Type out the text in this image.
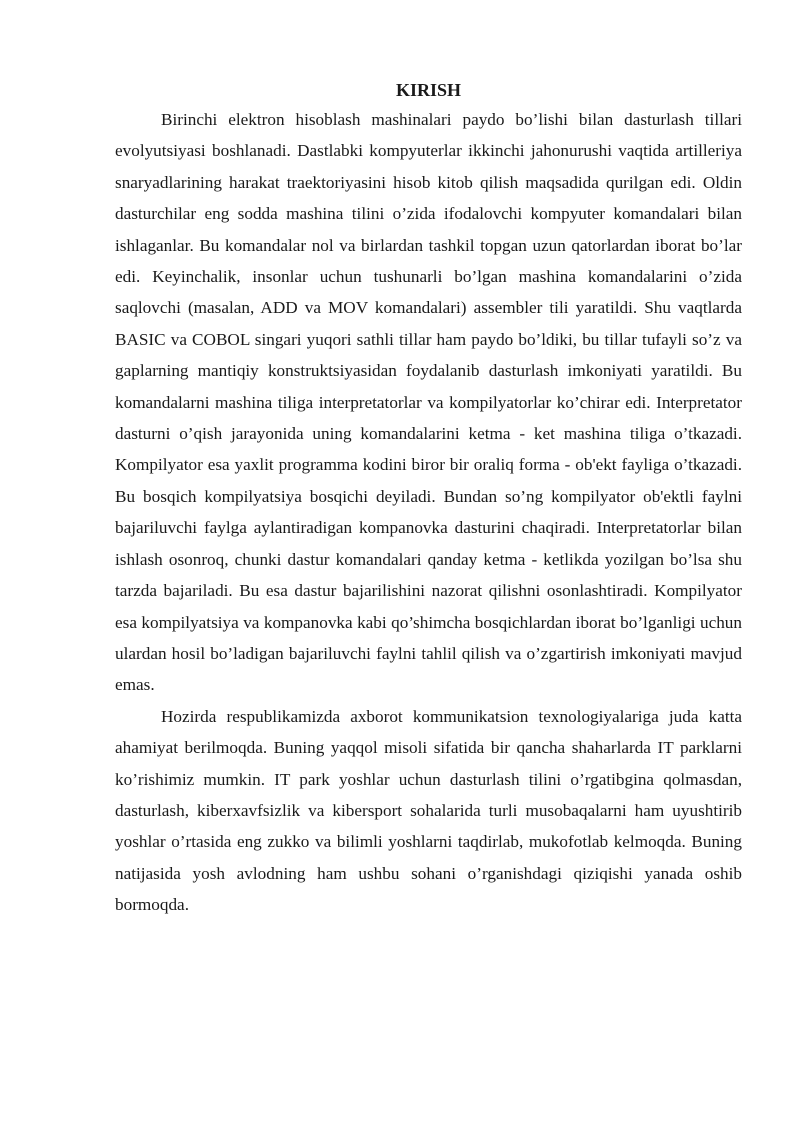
KIRISH

Birinchi elektron hisoblash mashinalari paydo bo’lishi bilan dasturlash tillari evolyutsiyasi boshlanadi. Dastlabki kompyuterlar ikkinchi jahonurushi vaqtida artilleriya snaryadlarining harakat traektoriyasini hisob kitob qilish maqsadida qurilgan edi. Oldin dasturchilar eng sodda mashina tilini o’zida ifodalovchi kompyuter komandalari bilan ishlaganlar. Bu komandalar nol va birlardan tashkil topgan uzun qatorlardan iborat bo’lar edi. Keyinchalik, insonlar uchun tushunarli bo’lgan mashina komandalarini o’zida saqlovchi (masalan, ADD va MOV komandalari) assembler tili yaratildi. Shu vaqtlarda BASIC va COBOL singari yuqori sathli tillar ham paydo bo’ldiki, bu tillar tufayli so’z va gaplarning mantiqiy konstruktsiyasidan foydalanib dasturlash imkoniyati yaratildi. Bu komandalarni mashina tiliga interpretatorlar va kompilyatorlar ko’chirar edi. Interpretator dasturni o’qish jarayonida uning komandalarini ketma - ket mashina tiliga o’tkazadi. Kompilyator esa yaxlit programma kodini biror bir oraliq forma - ob'ekt fayliga o’tkazadi. Bu bosqich kompilyatsiya bosqichi deyiladi. Bundan so’ng kompilyator ob'ektli faylni bajariluvchi faylga aylantiradigan kompanovka dasturini chaqiradi. Interpretatorlar bilan ishlash osonroq, chunki dastur komandalari qanday ketma - ketlikda yozilgan bo’lsa shu tarzda bajariladi. Bu esa dastur bajarilishini nazorat qilishni osonlashtiradi. Kompilyator esa kompilyatsiya va kompanovka kabi qo’shimcha bosqichlardan iborat bo’lganligi uchun ulardan hosil bo’ladigan bajariluvchi faylni tahlil qilish va o’zgartirish imkoniyati mavjud emas.

Hozirda respublikamizda axborot kommunikatsion texnologiyalariga juda katta ahamiyat berilmoqda. Buning yaqqol misoli sifatida bir qancha shaharlarda IT parklarni ko’rishimiz mumkin. IT park yoshlar uchun dasturlash tilini o’rgatibgina qolmasdan, dasturlash, kiberxavfsizlik va kibersport sohalarida turli musobaqalarni ham uyushtirib yoshlar o’rtasida eng zukko va bilimli yoshlarni taqdirlab, mukofotlab kelmoqda. Buning natijasida yosh avlodning ham ushbu sohani o’rganishdagi qiziqishi yanada oshib bormoqda.
